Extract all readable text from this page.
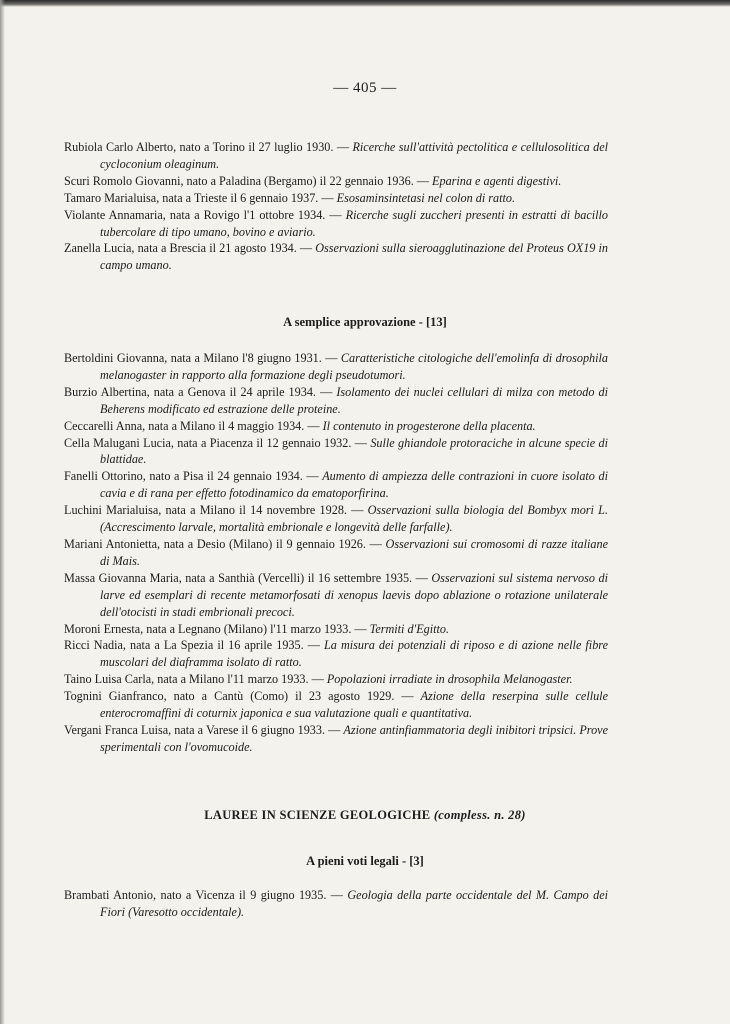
— 405 —
Rubiola Carlo Alberto, nato a Torino il 27 luglio 1930. — Ricerche sull'attività pectolitica e cellulosolitica del cycloconium oleaginum.
Scuri Romolo Giovanni, nato a Paladina (Bergamo) il 22 gennaio 1936. — Eparina e agenti digestivi.
Tamaro Marialuisa, nata a Trieste il 6 gennaio 1937. — Esosaminsintetasi nel colon di ratto.
Violante Annamaria, nata a Rovigo l'1 ottobre 1934. — Ricerche sugli zuccheri presenti in estratti di bacillo tubercolare di tipo umano, bovino e aviario.
Zanella Lucia, nata a Brescia il 21 agosto 1934. — Osservazioni sulla sieroagglutinazione del Proteus OX19 in campo umano.
A semplice approvazione - [13]
Bertoldini Giovanna, nata a Milano l'8 giugno 1931. — Caratteristiche citologiche dell'emolinfa di drosophila melanogaster in rapporto alla formazione degli pseudotumori.
Burzio Albertina, nata a Genova il 24 aprile 1934. — Isolamento dei nuclei cellulari di milza con metodo di Beherens modificato ed estrazione delle proteine.
Ceccarelli Anna, nata a Milano il 4 maggio 1934. — Il contenuto in progesterone della placenta.
Cella Malugani Lucia, nata a Piacenza il 12 gennaio 1932. — Sulle ghiandole protoraciche in alcune specie di blattidae.
Fanelli Ottorino, nato a Pisa il 24 gennaio 1934. — Aumento di ampiezza delle contrazioni in cuore isolato di cavia e di rana per effetto fotodinamico da ematoporfirina.
Luchini Marialuisa, nata a Milano il 14 novembre 1928. — Osservazioni sulla biologia del Bombyx mori L. (Accrescimento larvale, mortalità embrionale e longevità delle farfalle).
Mariani Antonietta, nata a Desio (Milano) il 9 gennaio 1926. — Osservazioni sui cromosomi di razze italiane di Mais.
Massa Giovanna Maria, nata a Santhià (Vercelli) il 16 settembre 1935. — Osservazioni sul sistema nervoso di larve ed esemplari di recente metamorfosati di xenopus laevis dopo ablazione o rotazione unilaterale dell'otocisti in stadi embrionali precoci.
Moroni Ernesta, nata a Legnano (Milano) l'11 marzo 1933. — Termiti d'Egitto.
Ricci Nadia, nata a La Spezia il 16 aprile 1935. — La misura dei potenziali di riposo e di azione nelle fibre muscolari del diaframma isolato di ratto.
Taino Luisa Carla, nata a Milano l'11 marzo 1933. — Popolazioni irradiate in drosophila Melanogaster.
Tognini Gianfranco, nato a Cantù (Como) il 23 agosto 1929. — Azione della reserpina sulle cellule enterocromaffini di coturnix japonica e sua valutazione quali e quantitativa.
Vergani Franca Luisa, nata a Varese il 6 giugno 1933. — Azione antinfiammatoria degli inibitori tripsici. Prove sperimentali con l'ovomucoide.
LAUREE IN SCIENZE GEOLOGICHE (compless. n. 28)
A pieni voti legali - [3]
Brambati Antonio, nato a Vicenza il 9 giugno 1935. — Geologia della parte occidentale del M. Campo dei Fiori (Varesotto occidentale).
